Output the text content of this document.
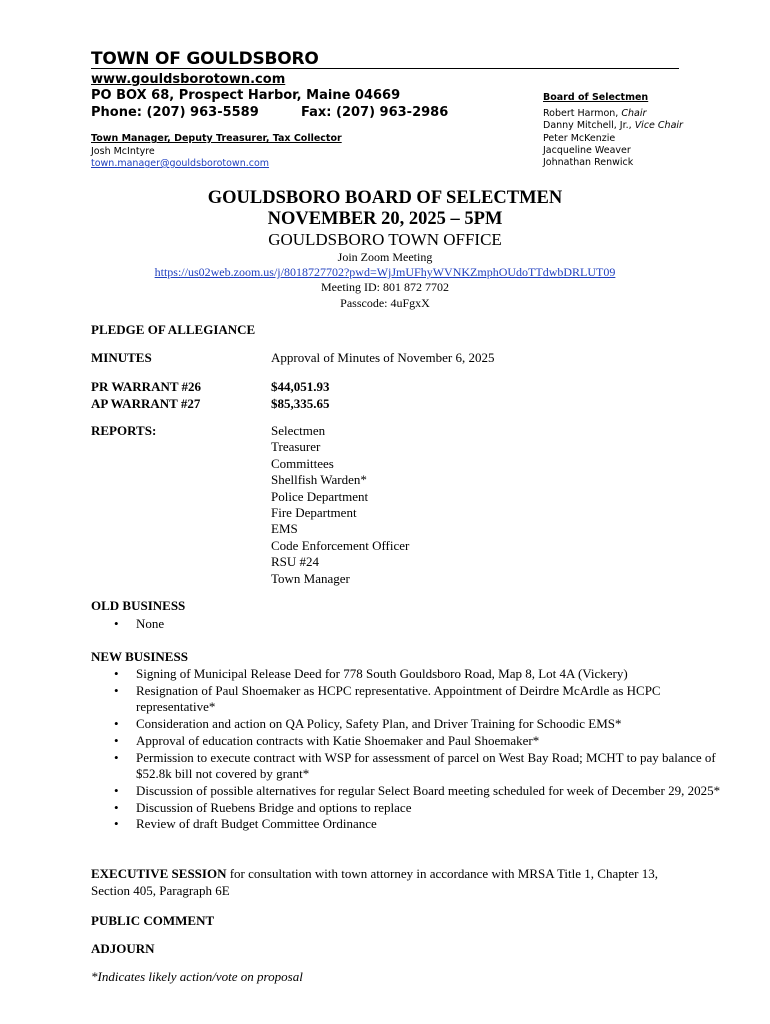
TOWN OF GOULDSBORO
www.gouldsborotown.com
PO BOX 68, Prospect Harbor, Maine 04669
Phone: (207) 963-5589	Fax: (207) 963-2986
Town Manager, Deputy Treasurer, Tax Collector
Josh McIntyre
town.manager@gouldsborotown.com
Board of Selectmen
Robert Harmon, Chair
Danny Mitchell, Jr., Vice Chair
Peter McKenzie
Jacqueline Weaver
Johnathan Renwick
GOULDSBORO BOARD OF SELECTMEN
NOVEMBER 20, 2025 – 5PM
GOULDSBORO TOWN OFFICE
Join Zoom Meeting
https://us02web.zoom.us/j/8018727702?pwd=WjJmUFhyWVNKZmphOUdoTTdwbDRLUT09
Meeting ID: 801 872 7702
Passcode: 4uFgxX
PLEDGE OF ALLEGIANCE
MINUTES	Approval of Minutes of November 6, 2025
PR WARRANT #26	$44,051.93
AP WARRANT #27	$85,335.65
REPORTS:	Selectmen
Treasurer
Committees
Shellfish Warden*
Police Department
Fire Department
EMS
Code Enforcement Officer
RSU #24
Town Manager
OLD BUSINESS
• None
NEW BUSINESS
• Signing of Municipal Release Deed for 778 South Gouldsboro Road, Map 8, Lot 4A (Vickery)
• Resignation of Paul Shoemaker as HCPC representative. Appointment of Deirdre McArdle as HCPC representative*
• Consideration and action on QA Policy, Safety Plan, and Driver Training for Schoodic EMS*
• Approval of education contracts with Katie Shoemaker and Paul Shoemaker*
• Permission to execute contract with WSP for assessment of parcel on West Bay Road; MCHT to pay balance of $52.8k bill not covered by grant*
• Discussion of possible alternatives for regular Select Board meeting scheduled for week of December 29, 2025*
• Discussion of Ruebens Bridge and options to replace
• Review of draft Budget Committee Ordinance
EXECUTIVE SESSION for consultation with town attorney in accordance with MRSA Title 1, Chapter 13, Section 405, Paragraph 6E
PUBLIC COMMENT
ADJOURN
*Indicates likely action/vote on proposal
